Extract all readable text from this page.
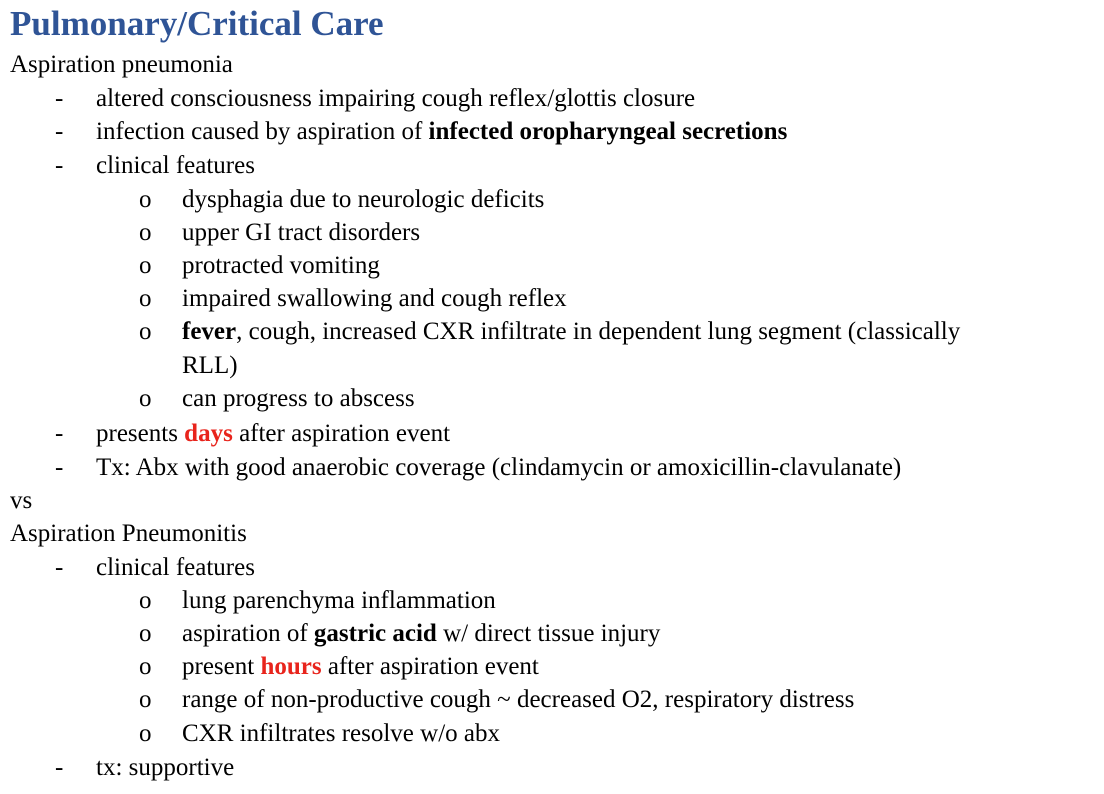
Pulmonary/Critical Care
Aspiration pneumonia
-	altered consciousness impairing cough reflex/glottis closure
-	infection caused by aspiration of infected oropharyngeal secretions
-	clinical features
o	dysphagia due to neurologic deficits
o	upper GI tract disorders
o	protracted vomiting
o	impaired swallowing and cough reflex
o	fever, cough, increased CXR infiltrate in dependent lung segment (classically
RLL)
o	can progress to abscess
-	presents days after aspiration event
-	Tx: Abx with good anaerobic coverage (clindamycin or amoxicillin-clavulanate)
vs
Aspiration Pneumonitis
-	clinical features
o	lung parenchyma inflammation
o	aspiration of gastric acid w/ direct tissue injury
o	present hours after aspiration event
o	range of non-productive cough ~ decreased O2, respiratory distress
o	CXR infiltrates resolve w/o abx
-	tx: supportive
